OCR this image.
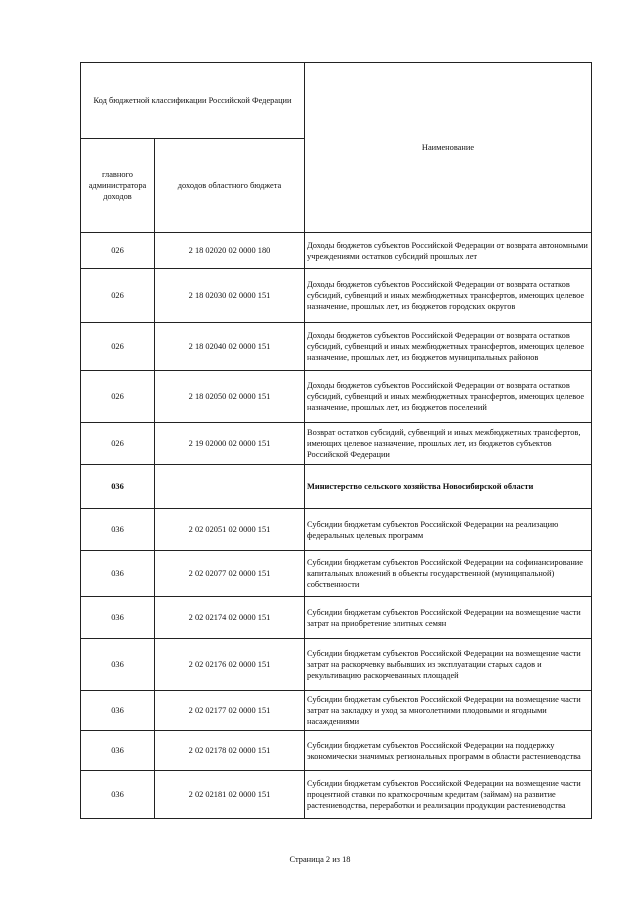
Код бюджетной классификации Российской Федерации		Наименование
главного администратора доходов	доходов областного бюджета	
026	2 18 02020 02 0000 180	Доходы бюджетов субъектов Российской Федерации от возврата автономными учреждениями остатков субсидий прошлых лет
026	2 18 02030 02 0000 151	Доходы бюджетов субъектов Российской Федерации от возврата остатков субсидий, субвенций и иных межбюджетных трансфертов, имеющих целевое назначение, прошлых лет, из бюджетов городских округов
026	2 18 02040 02 0000 151	Доходы бюджетов субъектов Российской Федерации от возврата остатков субсидий, субвенций и иных межбюджетных трансфертов, имеющих целевое назначение, прошлых лет, из бюджетов муниципальных районов
026	2 18 02050 02 0000 151	Доходы бюджетов субъектов Российской Федерации от возврата остатков субсидий, субвенций и иных межбюджетных трансфертов, имеющих целевое назначение, прошлых лет, из бюджетов поселений
026	2 19 02000 02 0000 151	Возврат остатков субсидий, субвенций и иных межбюджетных трансфертов, имеющих целевое назначение, прошлых лет, из бюджетов субъектов Российской Федерации
036		Министерство сельского хозяйства Новосибирской области
036	2 02 02051 02 0000 151	Субсидии бюджетам субъектов Российской Федерации на реализацию федеральных целевых программ
036	2 02 02077 02 0000 151	Субсидии бюджетам субъектов Российской Федерации на софинансирование капитальных вложений в объекты государственной (муниципальной) собственности
036	2 02 02174 02 0000 151	Субсидии бюджетам субъектов Российской Федерации на возмещение части затрат на приобретение элитных семян
036	2 02 02176 02 0000 151	Субсидии бюджетам субъектов Российской Федерации на возмещение части затрат на раскорчевку выбывших из эксплуатации старых садов и рекультивацию раскорчеванных площадей
036	2 02 02177 02 0000 151	Субсидии бюджетам субъектов Российской Федерации на возмещение части затрат на закладку и уход за многолетними плодовыми и ягодными насаждениями
036	2 02 02178 02 0000 151	Субсидии бюджетам субъектов Российской Федерации на поддержку экономически значимых региональных программ в области растениеводства
036	2 02 02181 02 0000 151	Субсидии бюджетам субъектов Российской Федерации на возмещение части процентной ставки по краткосрочным кредитам (займам) на развитие растениеводства, переработки и реализации продукции растениеводства
Страница 2 из 18
